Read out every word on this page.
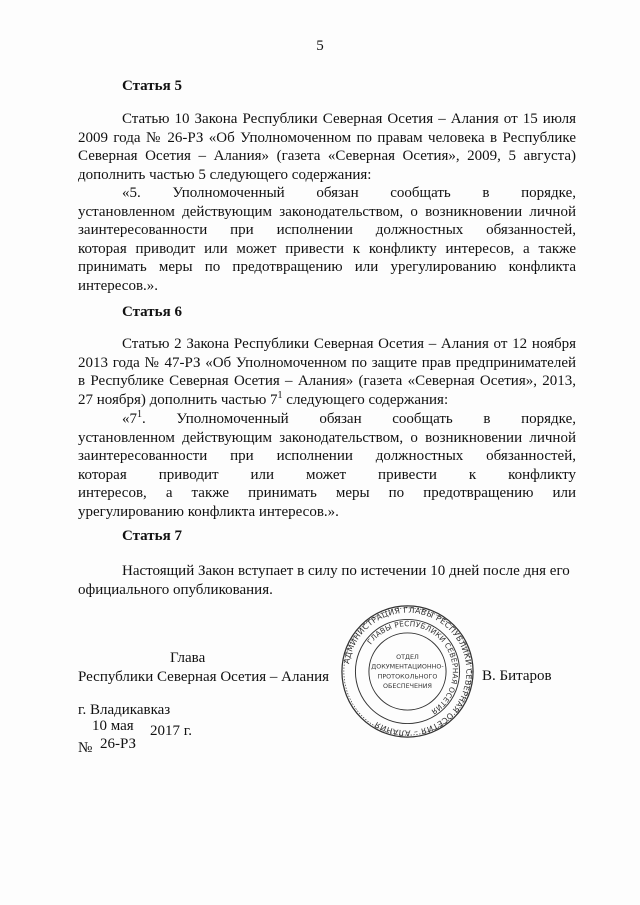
5
Статья 5
Статью 10 Закона Республики Северная Осетия – Алания от 15 июля
2009 года № 26-РЗ «Об Уполномоченном по правам человека в Республике
Северная Осетия – Алания» (газета «Северная Осетия», 2009, 5 августа)
дополнить частью 5 следующего содержания:
«5. Уполномоченный обязан сообщать в порядке,
установленном действующим законодательством, о возникновении личной
заинтересованности при исполнении должностных обязанностей,
которая приводит или может привести к конфликту интересов, а также
принимать меры по предотвращению или урегулированию конфликта
интересов.».
Статья 6
Статью 2 Закона Республики Северная Осетия – Алания от 12 ноября
2013 года № 47-РЗ «Об Уполномоченном по защите прав предпринимателей
в Республике Северная Осетия – Алания» (газета «Северная Осетия», 2013,
27 ноября) дополнить частью $7^1$ следующего содержания:
«$7^1$. Уполномоченный обязан сообщать в порядке,
установленном действующим законодательством, о возникновении личной
заинтересованности при исполнении должностных обязанностей,
которая приводит или может привести к конфликту
интересов, а также принимать меры по предотвращению или
урегулированию конфликта интересов.».
Статья 7
Настоящий Закон вступает в силу по истечении 10 дней после дня его
официального опубликования.
Глава
Республики Северная Осетия – Алания	В. Битаров
г. Владикавказ
10 мая 2017 г.
№ 26-РЗ
АДМИНИСТРАЦИЯ ГЛАВЫ РЕСПУБЛИКИ СЕВЕРНАЯ ОСЕТИЯ – АЛАНИЯ
ГЛАВЫ РЕСПУБЛИКИ СЕВЕРНАЯ ОСЕТИЯ
ОТДЕЛ
ДОКУМЕНТАЦИОННО-
ПРОТОКОЛЬНОГО
ОБЕСПЕЧЕНИЯ
